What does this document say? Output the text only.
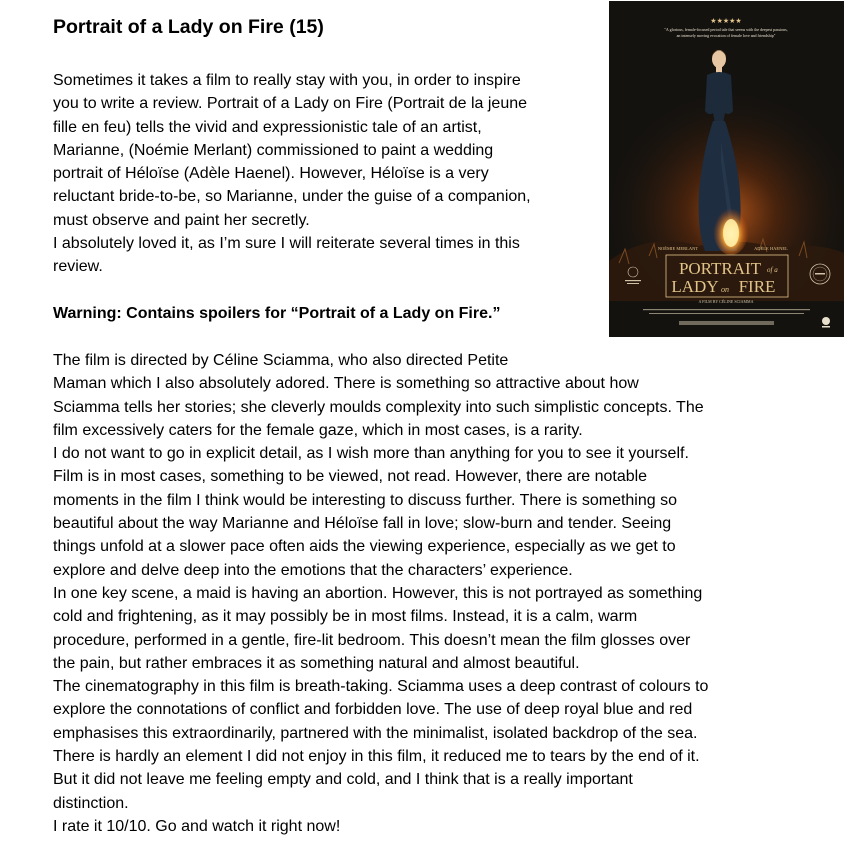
Portrait of a Lady on Fire (15)
Sometimes it takes a film to really stay with you, in order to inspire
you to write a review. Portrait of a Lady on Fire (Portrait de la jeune
fille en feu) tells the vivid and expressionistic tale of an artist,
Marianne, (Noémie Merlant) commissioned to paint a wedding
portrait of Héloïse (Adèle Haenel). However, Héloïse is a very
reluctant bride-to-be, so Marianne, under the guise of a companion,
must observe and paint her secretly.
I absolutely loved it, as I’m sure I will reiterate several times in this
review.
Warning: Contains spoilers for “Portrait of a Lady on Fire.”
The film is directed by Céline Sciamma, who also directed Petite
Maman which I also absolutely adored. There is something so attractive about how
Sciamma tells her stories; she cleverly moulds complexity into such simplistic concepts. The
film excessively caters for the female gaze, which in most cases, is a rarity.
I do not want to go in explicit detail, as I wish more than anything for you to see it yourself.
Film is in most cases, something to be viewed, not read. However, there are notable
moments in the film I think would be interesting to discuss further. There is something so
beautiful about the way Marianne and Héloïse fall in love; slow-burn and tender. Seeing
things unfold at a slower pace often aids the viewing experience, especially as we get to
explore and delve deep into the emotions that the characters’ experience.
In one key scene, a maid is having an abortion. However, this is not portrayed as something
cold and frightening, as it may possibly be in most films. Instead, it is a calm, warm
procedure, performed in a gentle, fire-lit bedroom. This doesn’t mean the film glosses over
the pain, but rather embraces it as something natural and almost beautiful.
The cinematography in this film is breath-taking. Sciamma uses a deep contrast of colours to
explore the connotations of conflict and forbidden love. The use of deep royal blue and red
emphasises this extraordinarily, partnered with the minimalist, isolated backdrop of the sea.
There is hardly an element I did not enjoy in this film, it reduced me to tears by the end of it.
But it did not leave me feeling empty and cold, and I think that is a really important
distinction.
I rate it 10/10. Go and watch it right now!
★★★★★
"A glorious, female-focused period tale that seems with the deepest passions,
an intensely moving evocation of female love and friendship"
NOÉMIE MERLANT	ADÈLE HAENEL
PORTRAIT of a
LADY on FIRE
A FILM BY CÉLINE SCIAMMA
